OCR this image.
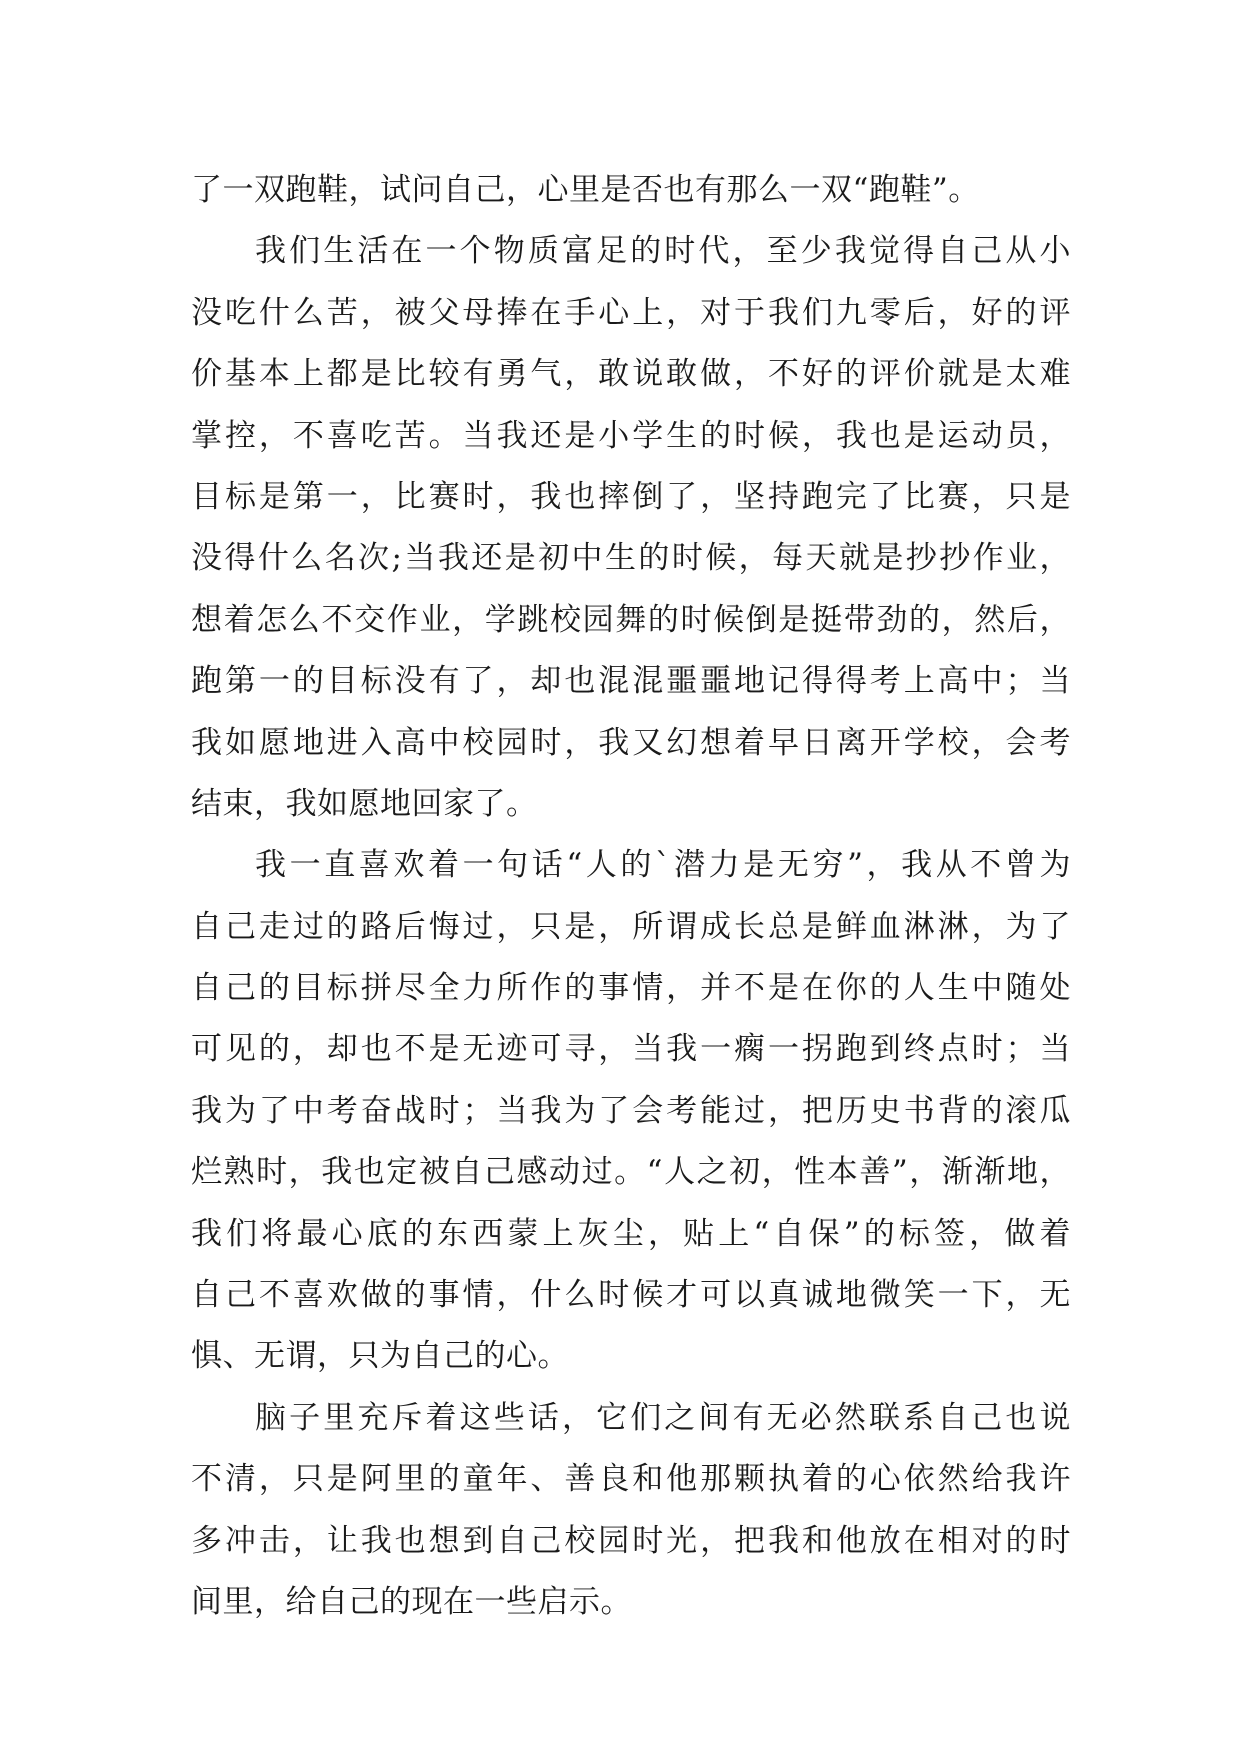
了一双跑鞋，试问自己，心里是否也有那么一双“跑鞋”。
我们生活在一个物质富足的时代，至少我觉得自己从小
没吃什么苦，被父母捧在手心上，对于我们九零后，好的评
价基本上都是比较有勇气，敢说敢做，不好的评价就是太难
掌控，不喜吃苦。当我还是小学生的时候，我也是运动员，
目标是第一，比赛时，我也摔倒了，坚持跑完了比赛，只是
没得什么名次;当我还是初中生的时候，每天就是抄抄作业，
想着怎么不交作业，学跳校园舞的时候倒是挺带劲的，然后，
跑第一的目标没有了，却也混混噩噩地记得得考上高中；当
我如愿地进入高中校园时，我又幻想着早日离开学校，会考
结束，我如愿地回家了。
我一直喜欢着一句话“人的`潜力是无穷”，我从不曾为
自己走过的路后悔过，只是，所谓成长总是鲜血淋淋，为了
自己的目标拼尽全力所作的事情，并不是在你的人生中随处
可见的，却也不是无迹可寻，当我一瘸一拐跑到终点时；当
我为了中考奋战时；当我为了会考能过，把历史书背的滚瓜
烂熟时，我也定被自己感动过。“人之初，性本善”，渐渐地，
我们将最心底的东西蒙上灰尘，贴上“自保”的标签，做着
自己不喜欢做的事情，什么时候才可以真诚地微笑一下，无
惧、无谓，只为自己的心。
脑子里充斥着这些话，它们之间有无必然联系自己也说
不清，只是阿里的童年、善良和他那颗执着的心依然给我许
多冲击，让我也想到自己校园时光，把我和他放在相对的时
间里，给自己的现在一些启示。
